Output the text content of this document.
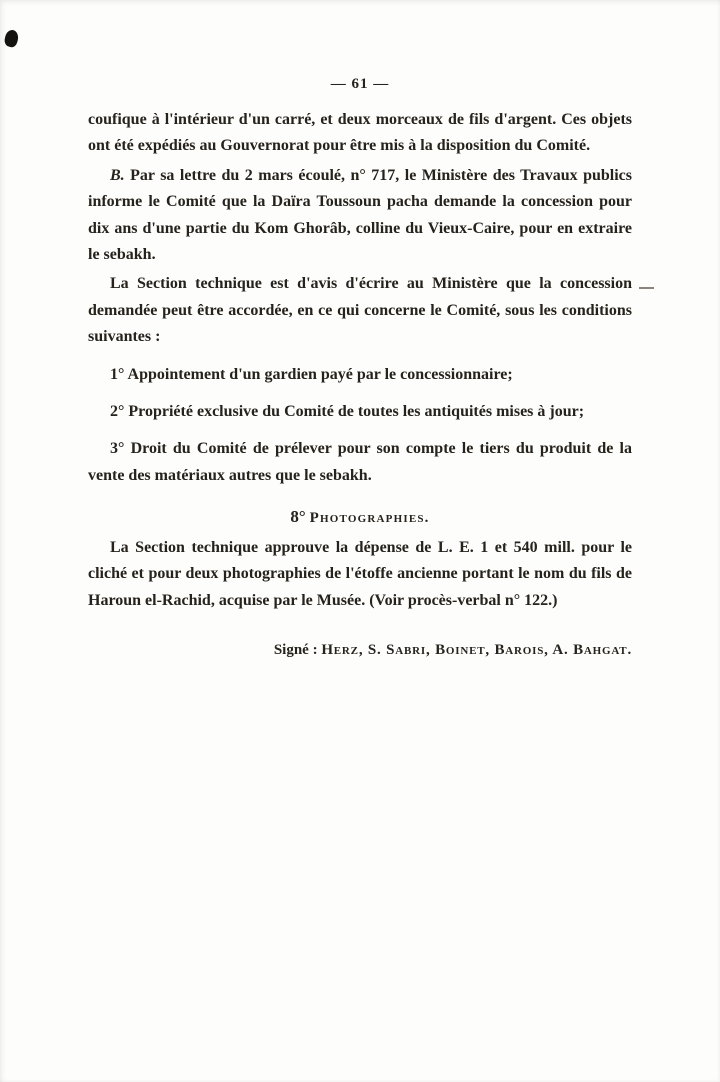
— 61 —

coufique à l'intérieur d'un carré, et deux morceaux de fils d'argent. Ces objets ont été expédiés au Gouvernorat pour être mis à la disposition du Comité.

B. Par sa lettre du 2 mars écoulé, n° 717, le Ministère des Travaux publics informe le Comité que la Daïra Toussoun pacha demande la concession pour dix ans d'une partie du Kom Ghorâb, colline du Vieux-Caire, pour en extraire le sebakh.

La Section technique est d'avis d'écrire au Ministère que la concession demandée peut être accordée, en ce qui concerne le Comité, sous les conditions suivantes :

1° Appointement d'un gardien payé par le concessionnaire;

2° Propriété exclusive du Comité de toutes les antiquités mises à jour;

3° Droit du Comité de prélever pour son compte le tiers du produit de la vente des matériaux autres que le sebakh.

8° Photographies.

La Section technique approuve la dépense de L. E. 1 et 540 mill. pour le cliché et pour deux photographies de l'étoffe ancienne portant le nom du fils de Haroun el-Rachid, acquise par le Musée. (Voir procès-verbal n° 122.)

Signé : Herz, S. Sabri, Boinet, Barois, A. Bahgat.
